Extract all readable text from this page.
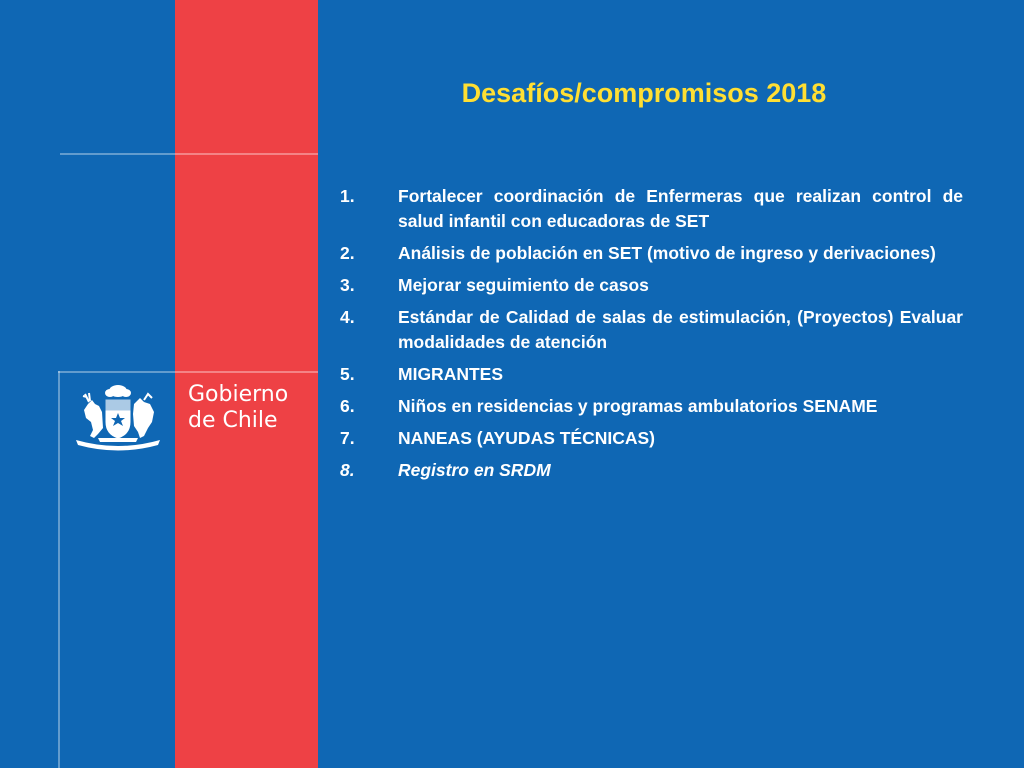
Gobierno
de Chile
Desafíos/compromisos 2018
1. Fortalecer coordinación de Enfermeras que realizan control de salud infantil con educadoras de SET
2. Análisis de población en SET (motivo de ingreso y derivaciones)
3. Mejorar seguimiento de casos
4. Estándar de Calidad de salas de estimulación, (Proyectos) Evaluar modalidades de atención
5. MIGRANTES
6. Niños en residencias y programas ambulatorios SENAME
7. NANEAS (AYUDAS TÉCNICAS)
8. Registro en SRDM
